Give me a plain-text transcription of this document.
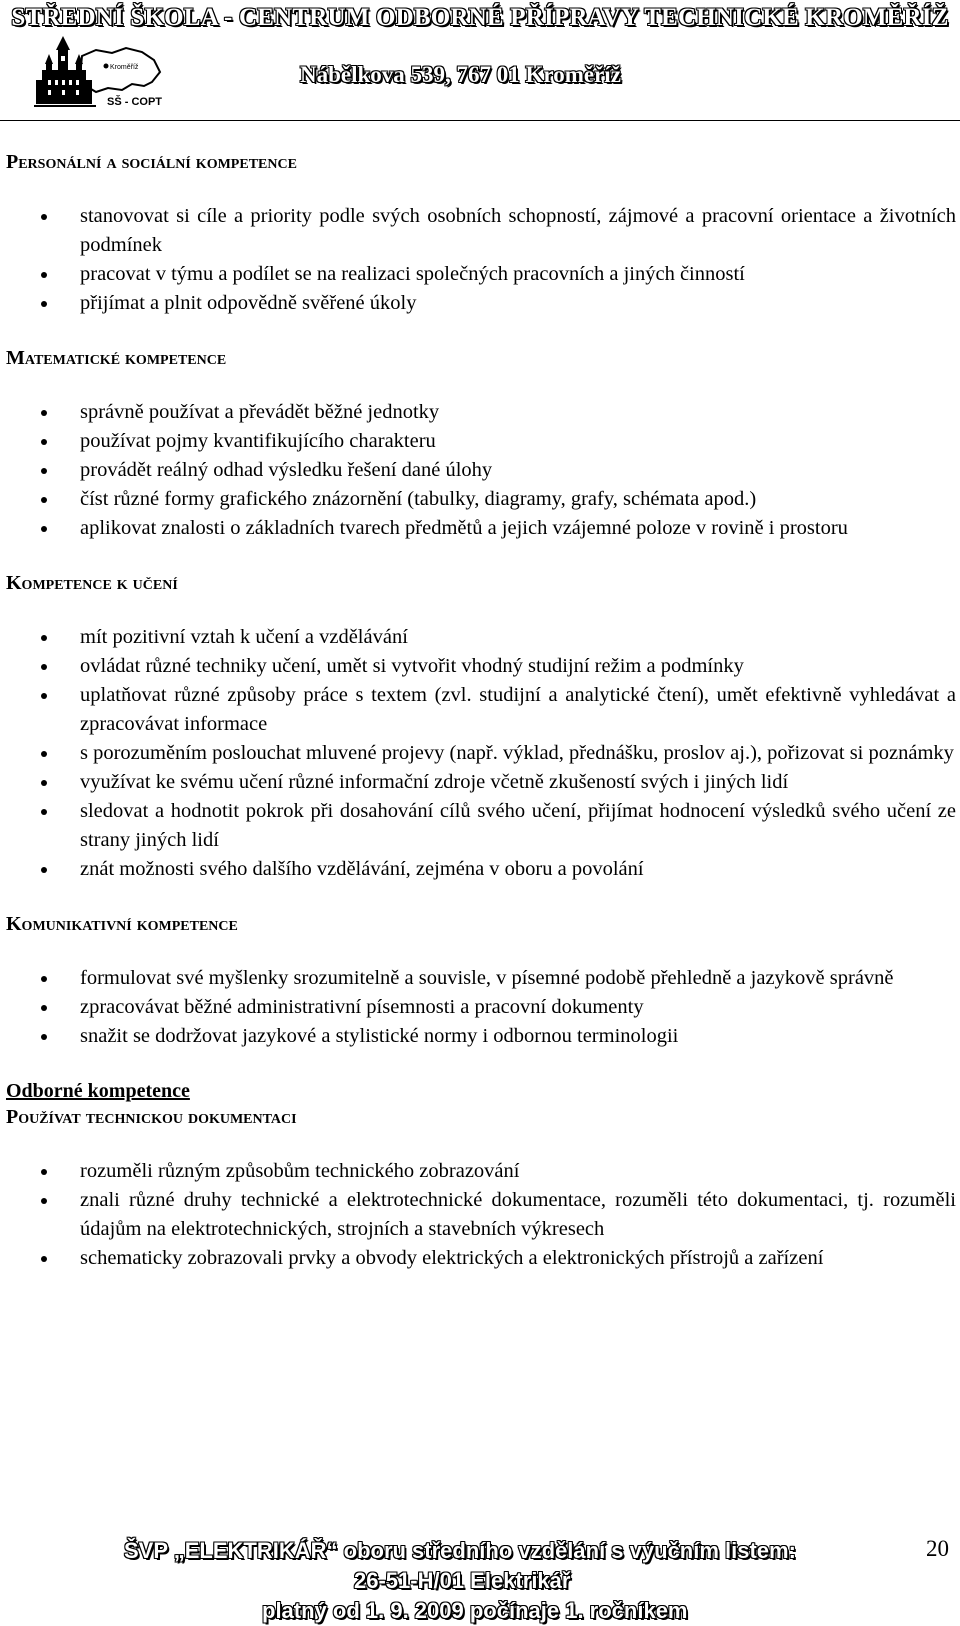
STŘEDNÍ ŠKOLA - CENTRUM ODBORNÉ PŘÍPRAVY TECHNICKÉ KROMĚŘÍŽ
Kroměříž
SŠ - COPT
Nábělkova 539, 767 01 Kroměříž
Personální a sociální kompetence
stanovovat si cíle a priority podle svých osobních schopností, zájmové a pracovní orientace a životních podmínek
pracovat v týmu a podílet se na realizaci společných pracovních a jiných činností
přijímat a plnit odpovědně svěřené úkoly
Matematické kompetence
správně používat a převádět běžné jednotky
používat pojmy kvantifikujícího charakteru
provádět reálný odhad výsledku řešení dané úlohy
číst různé formy grafického znázornění (tabulky, diagramy, grafy, schémata apod.)
aplikovat znalosti o základních tvarech předmětů a jejich vzájemné poloze v rovině i prostoru
Kompetence k učení
mít pozitivní vztah k učení a vzdělávání
ovládat různé techniky učení, umět si vytvořit vhodný studijní režim a podmínky
uplatňovat různé způsoby práce s textem (zvl. studijní a analytické čtení), umět efektivně vyhledávat a zpracovávat informace
s porozuměním poslouchat mluvené projevy (např. výklad, přednášku, proslov aj.), pořizovat si poznámky
využívat ke svému učení různé informační zdroje včetně zkušeností svých i jiných lidí
sledovat a hodnotit pokrok při dosahování cílů svého učení, přijímat hodnocení výsledků svého učení ze strany jiných lidí
znát možnosti svého dalšího vzdělávání, zejména v oboru a povolání
Komunikativní kompetence
formulovat své myšlenky srozumitelně a souvisle, v písemné podobě přehledně a jazykově správně
zpracovávat běžné administrativní písemnosti a pracovní dokumenty
snažit se dodržovat jazykové a stylistické normy i odbornou terminologii
Odborné kompetence
Používat technickou dokumentaci
rozuměli různým způsobům technického zobrazování
znali různé druhy technické a elektrotechnické dokumentace, rozuměli této dokumentaci, tj. rozuměli údajům na elektrotechnických, strojních a stavebních výkresech
schematicky zobrazovali prvky a obvody elektrických a elektronických přístrojů a zařízení
ŠVP „ELEKTRIKÁŘ“ oboru středního vzdělání s výučním listem:
26-51-H/01 Elektrikář
platný od 1. 9. 2009 počínaje 1. ročníkem
20
